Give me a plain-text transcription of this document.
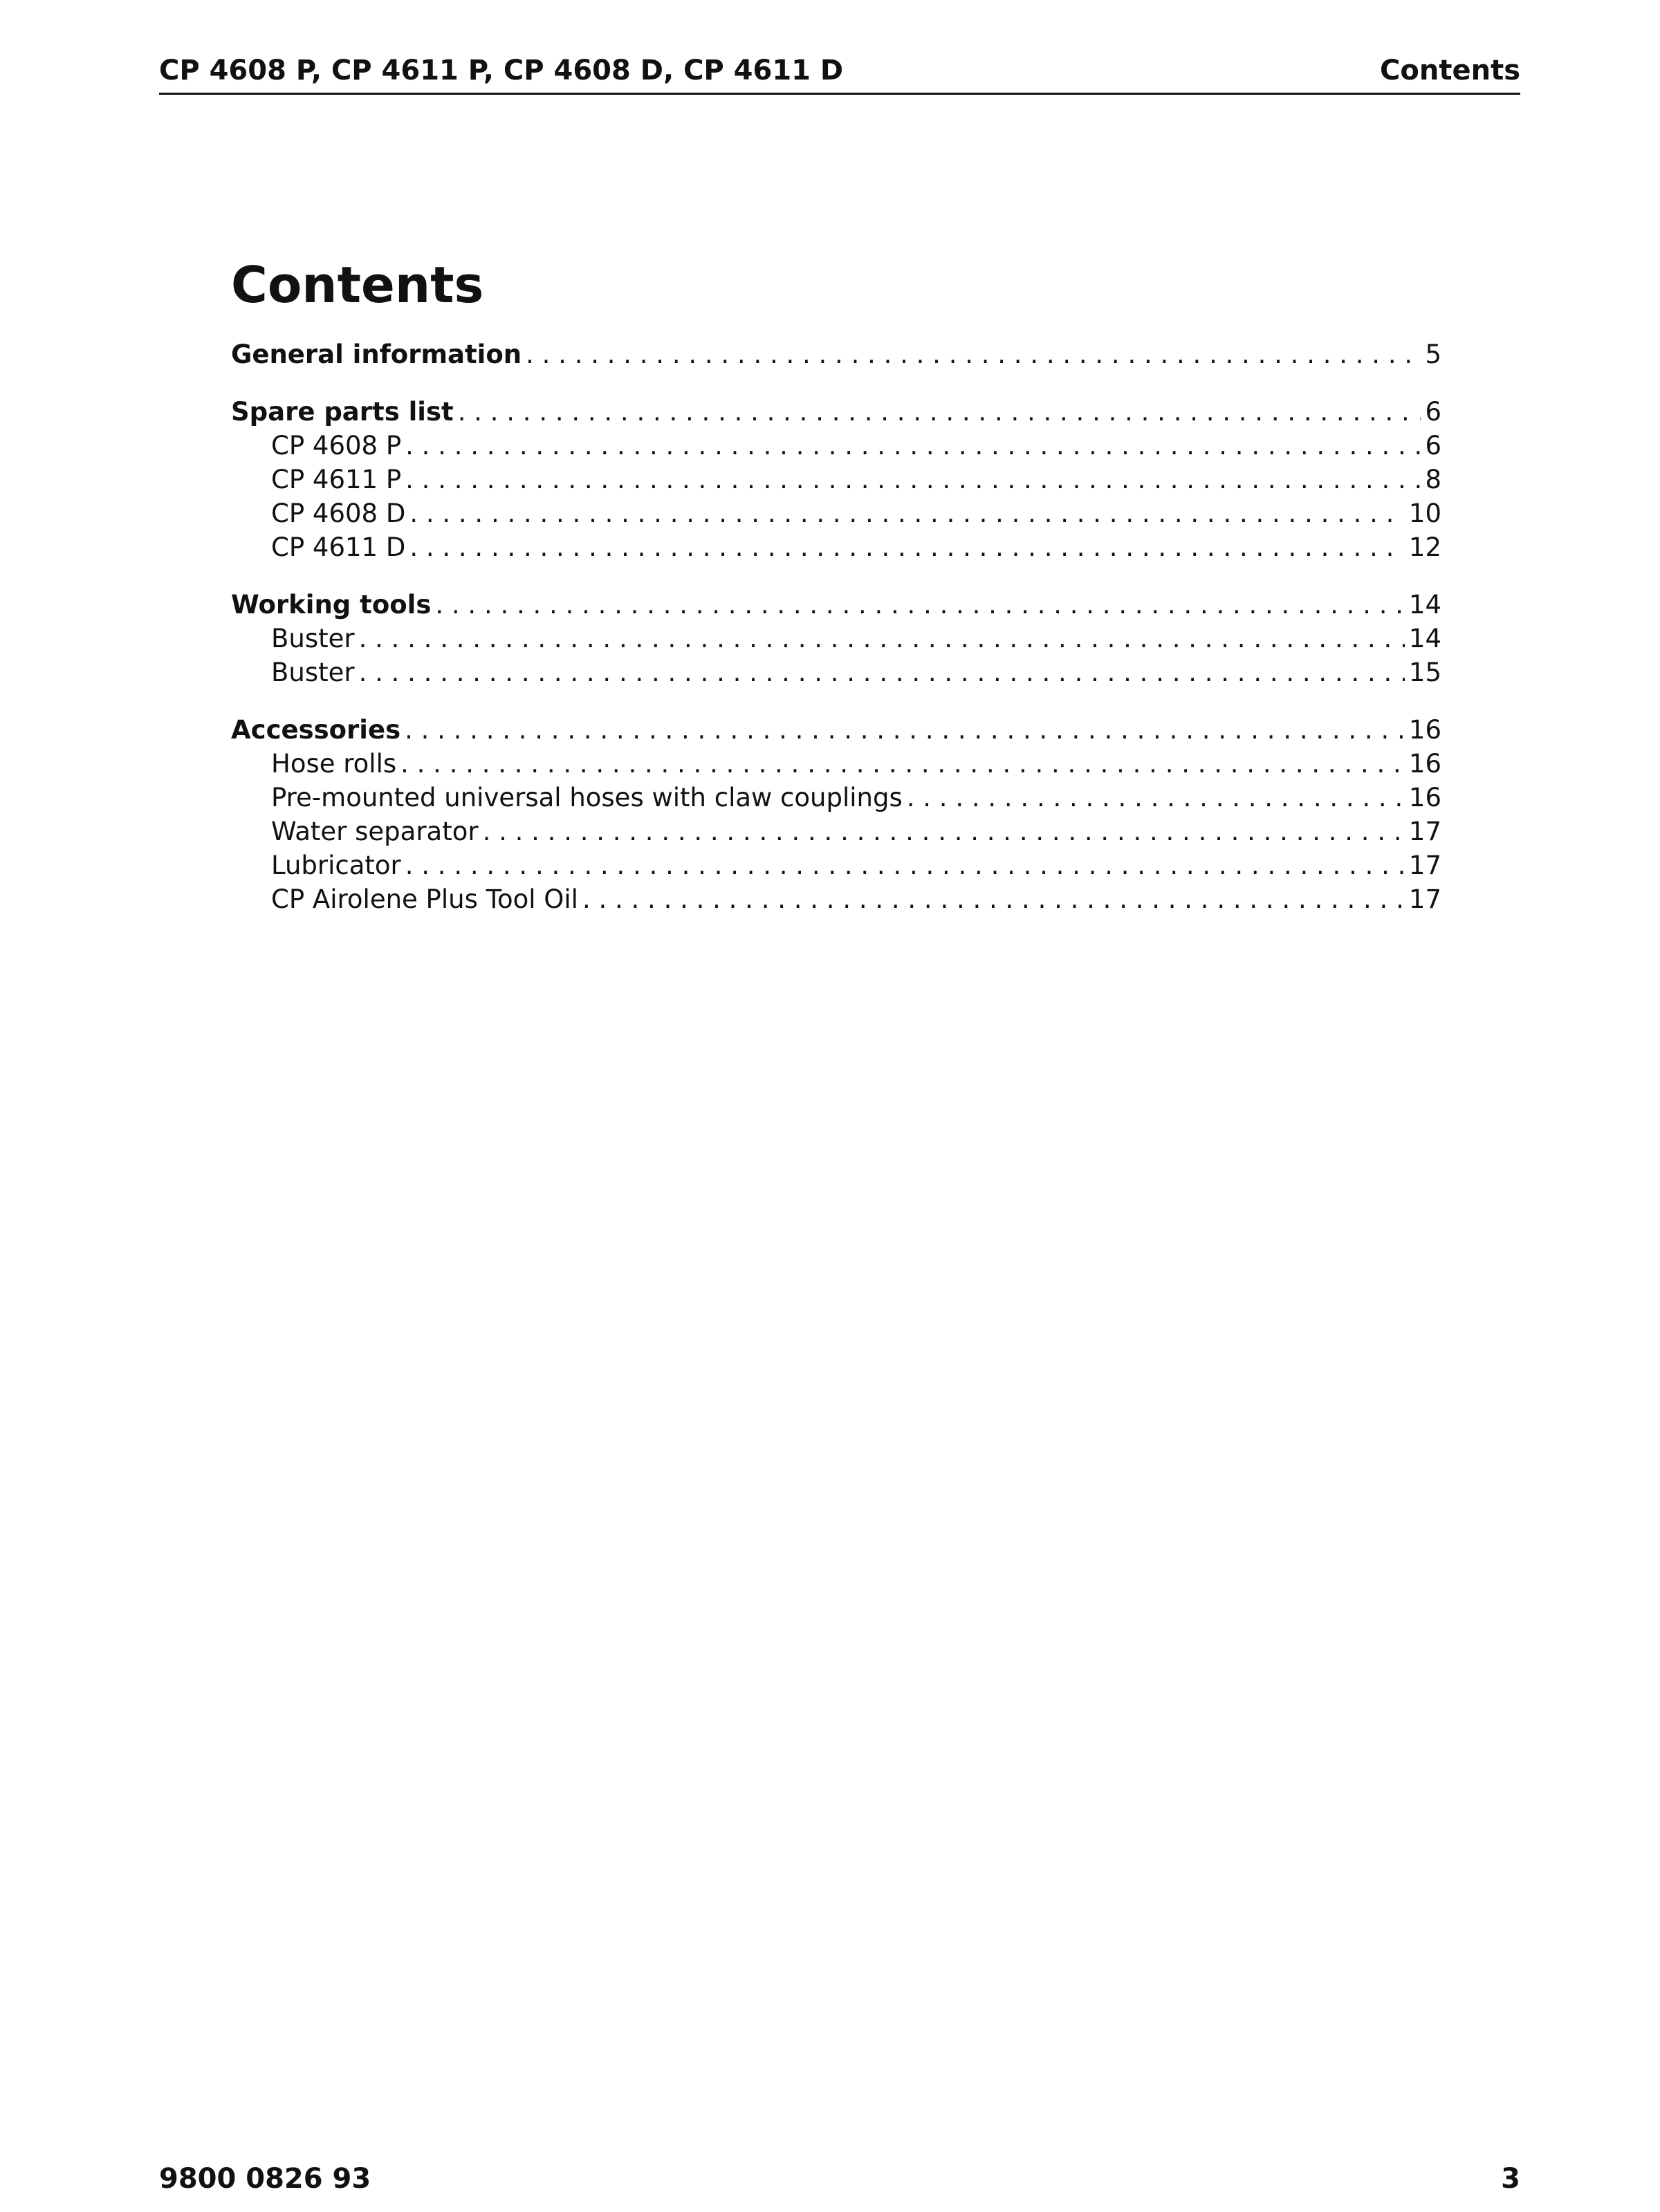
CP 4608 P, CP 4611 P, CP 4608 D, CP 4611 D	Contents
Contents
General information . . .	5
Spare parts list . . .	6
CP 4608 P . . .	6
CP 4611 P . . .	8
CP 4608 D . . .	10
CP 4611 D . . .	12
Working tools . . .	14
Buster . . .	14
Buster . . .	15
Accessories . . .	16
Hose rolls . . .	16
Pre-mounted universal hoses with claw couplings . . .	16
Water separator . . .	17
Lubricator . . .	17
CP Airolene Plus Tool Oil . . .	17
9800 0826 93	3
